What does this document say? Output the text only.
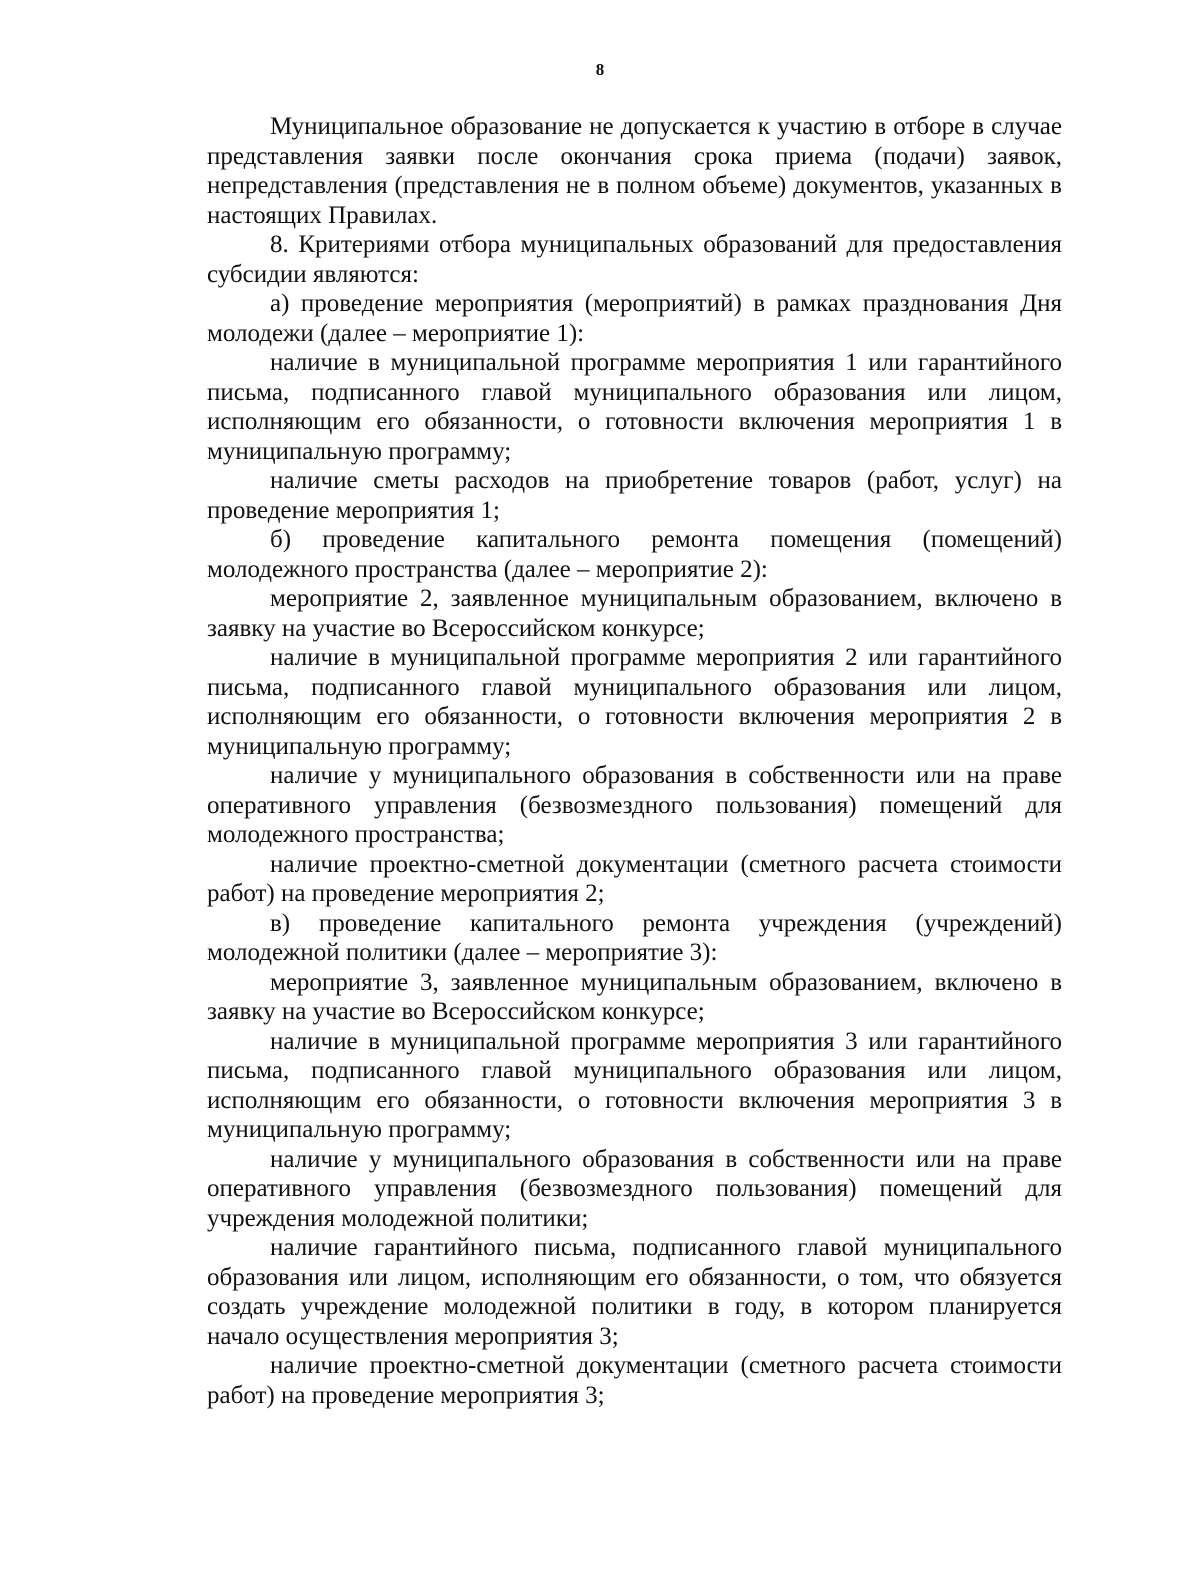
8

Муниципальное образование не допускается к участию в отборе в случае представления заявки после окончания срока приема (подачи) заявок, непредставления (представления не в полном объеме) документов, указанных в настоящих Правилах.

8. Критериями отбора муниципальных образований для предоставления субсидии являются:

а) проведение мероприятия (мероприятий) в рамках празднования Дня молодежи (далее – мероприятие 1):

наличие в муниципальной программе мероприятия 1 или гарантийного письма, подписанного главой муниципального образования или лицом, исполняющим его обязанности, о готовности включения мероприятия 1 в муниципальную программу;

наличие сметы расходов на приобретение товаров (работ, услуг) на проведение мероприятия 1;

б) проведение капитального ремонта помещения (помещений) молодежного пространства (далее – мероприятие 2):

мероприятие 2, заявленное муниципальным образованием, включено в заявку на участие во Всероссийском конкурсе;

наличие в муниципальной программе мероприятия 2 или гарантийного письма, подписанного главой муниципального образования или лицом, исполняющим его обязанности, о готовности включения мероприятия 2 в муниципальную программу;

наличие у муниципального образования в собственности или на праве оперативного управления (безвозмездного пользования) помещений для молодежного пространства;

наличие проектно-сметной документации (сметного расчета стоимости работ) на проведение мероприятия 2;

в) проведение капитального ремонта учреждения (учреждений) молодежной политики (далее – мероприятие 3):

мероприятие 3, заявленное муниципальным образованием, включено в заявку на участие во Всероссийском конкурсе;

наличие в муниципальной программе мероприятия 3 или гарантийного письма, подписанного главой муниципального образования или лицом, исполняющим его обязанности, о готовности включения мероприятия 3 в муниципальную программу;

наличие у муниципального образования в собственности или на праве оперативного управления (безвозмездного пользования) помещений для учреждения молодежной политики;

наличие гарантийного письма, подписанного главой муниципального образования или лицом, исполняющим его обязанности, о том, что обязуется создать учреждение молодежной политики в году, в котором планируется начало осуществления мероприятия 3;

наличие проектно-сметной документации (сметного расчета стоимости работ) на проведение мероприятия 3;
